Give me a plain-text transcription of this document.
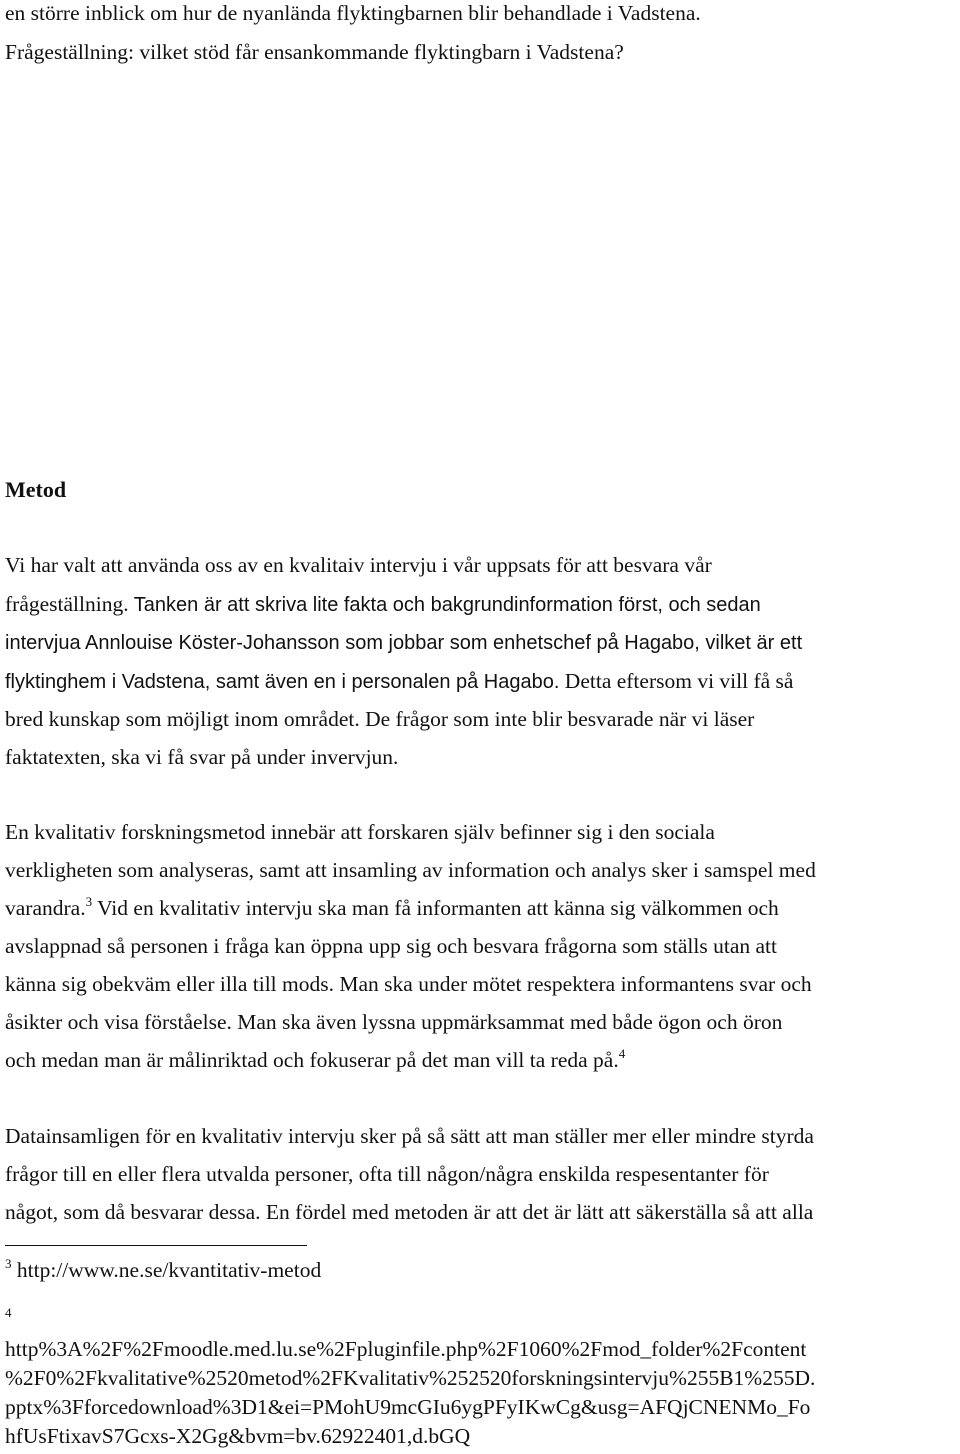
en större inblick om hur de nyanlända flyktingbarnen blir behandlade i Vadstena.

Frågeställning: vilket stöd får ensankommande flyktingbarn i Vadstena?

Metod

Vi har valt att använda oss av en kvalitaiv intervju i vår uppsats för att besvara vår

frågeställning. Tanken är att skriva lite fakta och bakgrundinformation först, och sedan

intervjua Annlouise Köster-Johansson som jobbar som enhetschef på Hagabo, vilket är ett

flyktinghem i Vadstena, samt även en i personalen på Hagabo. Detta eftersom vi vill få så

bred kunskap som möjligt inom området. De frågor som inte blir besvarade när vi läser

faktatexten, ska vi få svar på under invervjun.

En kvalitativ forskningsmetod innebär att forskaren själv befinner sig i den sociala

verkligheten som analyseras, samt att insamling av information och analys sker i samspel med

varandra.$^3$ Vid en kvalitativ intervju ska man få informanten att känna sig välkommen och

avslappnad så personen i fråga kan öppna upp sig och besvara frågorna som ställs utan att

känna sig obekväm eller illa till mods. Man ska under mötet respektera informantens svar och

åsikter och visa förståelse. Man ska även lyssna uppmärksammat med både ögon och öron

och medan man är målinriktad och fokuserar på det man vill ta reda på.$^4$

Datainsamligen för en kvalitativ intervju sker på så sätt att man ställer mer eller mindre styrda

frågor till en eller flera utvalda personer, ofta till någon/några enskilda respesentanter för

något, som då besvarar dessa. En fördel med metoden är att det är lätt att säkerställa så att alla

$^3$ http://www.ne.se/kvantitativ-metod

4

http%3A%2F%2Fmoodle.med.lu.se%2Fpluginfile.php%2F1060%2Fmod_folder%2Fcontent

%2F0%2Fkvalitative%2520metod%2FKvalitativ%252520forskningsintervju%255B1%255D.

pptx%3Fforcedownload%3D1&ei=PMohU9mcGIu6ygPFyIKwCg&usg=AFQjCNENMo_Fo

hfUsFtixavS7Gcxs-X2Gg&bvm=bv.62922401,d.bGQ
